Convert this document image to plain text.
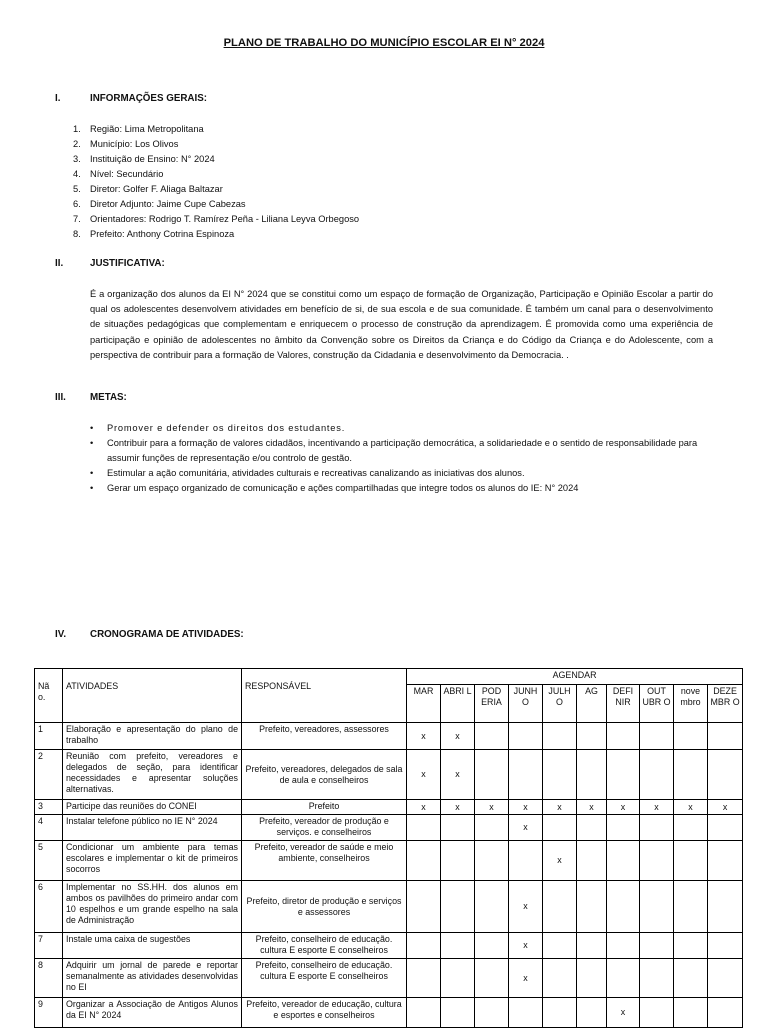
PLANO DE TRABALHO DO MUNICÍPIO ESCOLAR EI N° 2024
I.	INFORMAÇÕES GERAIS:
1. Região: Lima Metropolitana
2. Município: Los Olivos
3. Instituição de Ensino: N° 2024
4. Nível: Secundário
5. Diretor: Golfer F. Aliaga Baltazar
6. Diretor Adjunto: Jaime Cupe Cabezas
7. Orientadores: Rodrigo T. Ramírez Peña - Liliana Leyva Orbegoso
8. Prefeito: Anthony Cotrina Espinoza
II.	JUSTIFICATIVA:
É a organização dos alunos da EI N° 2024 que se constitui como um espaço de formação de Organização, Participação e Opinião Escolar a partir do qual os adolescentes desenvolvem atividades em benefício de si, de sua escola e de sua comunidade. É também um canal para o desenvolvimento de situações pedagógicas que complementam e enriquecem o processo de construção da aprendizagem. É promovida como uma experiência de participação e opinião de adolescentes no âmbito da Convenção sobre os Direitos da Criança e do Código da Criança e do Adolescente, com a perspectiva de contribuir para a formação de Valores, construção da Cidadania e desenvolvimento da Democracia. .
III. METAS:
• Promover e defender os direitos dos estudantes.
• Contribuir para a formação de valores cidadãos, incentivando a participação democrática, a solidariedade e o sentido de responsabilidade para assumir funções de representação e/ou controlo de gestão.
• Estimular a ação comunitária, atividades culturais e recreativas canalizando as iniciativas dos alunos.
• Gerar um espaço organizado de comunicação e ações compartilhadas que integre todos os alunos do IE: N° 2024
IV. CRONOGRAMA DE ATIVIDADES:
Nã o.	ATIVIDADES	RESPONSÁVEL	AGENDAR									
			MAR	ABRI L	POD ERIA	JUNH O	JULH O	AG	DEFI NIR	OUT UBR O	nove mbro	DEZE MBR O
1	Elaboração e apresentação do plano de trabalho	Prefeito, vereadores, assessores	x	x								
2	Reunião com prefeito, vereadores e delegados de seção, para identificar necessidades e apresentar soluções alternativas.	Prefeito, vereadores, delegados de sala de aula e conselheiros	x	x								
3	Participe das reuniões do CONEI	Prefeito	x	x	x	x	x	x	x	x	x	x
4	Instalar telefone público no IE N° 2024	Prefeito, vereador de produção e serviços. e conselheiros				x						
5	Condicionar um ambiente para temas escolares e implementar o kit de primeiros socorros	Prefeito, vereador de saúde e meio ambiente, conselheiros					x					
6	Implementar no SS.HH. dos alunos em ambos os pavilhões do primeiro andar com 10 espelhos e um grande espelho na sala de Administração	Prefeito, diretor de produção e serviços e assessores				x						
7	Instale uma caixa de sugestões	Prefeito, conselheiro de educação. cultura E esporte E conselheiros				x						
8	Adquirir um jornal de parede e reportar semanalmente as atividades desenvolvidas no EI	Prefeito, conselheiro de educação. cultura E esporte E conselheiros				x						
9	Organizar a Associação de Antigos Alunos da EI N° 2024	Prefeito, vereador de educação, cultura e esportes e conselheiros							x			
